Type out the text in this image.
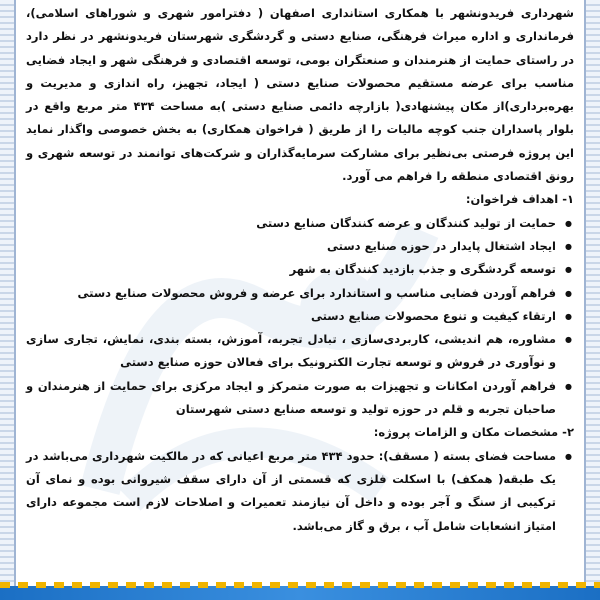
شهرداری فریدونشهر با همکاری استانداری اصفهان ( دفترامور شهری و شوراهای اسلامی)، فرمانداری و اداره میراث فرهنگی، صنایع دستی و گردشگری شهرستان فریدونشهر در نظر دارد در راستای حمایت از هنرمندان و صنعتگران بومی، توسعه اقتصادی و فرهنگی شهر و ایجاد فضایی مناسب برای عرضه مستقیم محصولات صنایع دستی ( ایجاد، تجهیز، راه اندازی و مدیریت و بهره‌برداری)از مکان پیشنهادی( بازارچه دائمی صنایع دستی )به مساحت ۴۳۴ متر مربع واقع در بلوار پاسداران جنب کوچه مالیات را از طریق ( فراخوان همکاری) به بخش خصوصی واگذار نماید این پروژه فرصتی بی‌نظیر برای مشارکت سرمایه‌گذاران و شرکت‌های توانمند در توسعه شهری و رونق اقتصادی منطقه را فراهم می آورد.

۱- اهداف فراخوان:

● حمایت از تولید کنندگان و عرضه کنندگان صنایع دستی
● ایجاد اشتغال پایدار در حوزه صنایع دستی
● توسعه گردشگری و جذب بازدید کنندگان به شهر
● فراهم آوردن فضایی مناسب و استاندارد برای عرضه و فروش محصولات صنایع دستی
● ارتقاء کیفیت و تنوع محصولات صنایع دستی
● مشاوره، هم اندیشی، کاربردی‌سازی ، تبادل تجربه، آموزش، بسته بندی، نمایش، تجاری سازی و نوآوری در فروش و توسعه تجارت الکترونیک برای فعالان حوزه صنایع دستی
● فراهم آوردن امکانات و تجهیزات به صورت متمرکز و ایجاد مرکزی برای حمایت از هنرمندان و صاحبان تجربه و قلم در حوزه تولید و توسعه صنایع دستی شهرستان

۲- مشخصات مکان و الزامات پروژه:

● مساحت فضای بسته ( مسقف): حدود ۴۳۴ متر مربع اعیانی که در مالکیت شهرداری می‌باشد در یک طبقه( همکف) با اسکلت فلزی که قسمتی از آن دارای سقف شیروانی بوده و نمای آن ترکیبی از سنگ و آجر بوده و داخل آن نیازمند تعمیرات و اصلاحات لازم است مجموعه دارای امتیاز انشعابات شامل آب ، برق و گاز می‌باشد.
